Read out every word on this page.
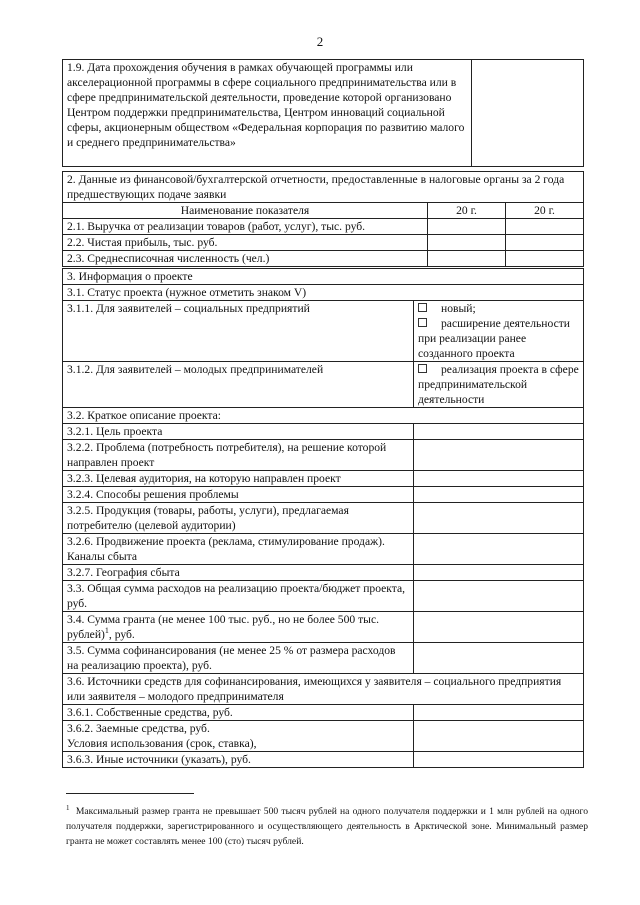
2
1.9. Дата прохождения обучения в рамках обучающей программы или акселерационной программы в сфере социального предпринимательства или в сфере предпринимательской деятельности, проведение которой организовано Центром поддержки предпринимательства, Центром инноваций социальной сферы, акционерным обществом «Федеральная корпорация по развитию малого и среднего предпринимательства»	
2. Данные из финансовой/бухгалтерской отчетности, предоставленные в налоговые органы за 2 года предшествующих подаче заявки		
Наименование показателя	20 г.	20 г.
2.1. Выручка от реализации товаров (работ, услуг), тыс. руб.		
2.2. Чистая прибыль, тыс. руб.		
2.3. Среднесписочная численность (чел.)		
3. Информация о проекте	
3.1. Статус проекта (нужное отметить знаком V)	
3.1.1. Для заявителей – социальных предприятий	новый;
расширение деятельности при реализации ранее созданного проекта

3.1.2. Для заявителей – молодых предпринимателей	реализация проекта в сфере предпринимательской деятельности

3.2. Краткое описание проекта:	
3.2.1. Цель проекта	
3.2.2. Проблема (потребность потребителя), на решение которой направлен проект	
3.2.3. Целевая аудитория, на которую направлен проект	
3.2.4. Способы решения проблемы	
3.2.5. Продукция (товары, работы, услуги), предлагаемая потребителю (целевой аудитории)	
3.2.6. Продвижение проекта (реклама, стимулирование продаж). Каналы сбыта	
3.2.7. География сбыта	
3.3. Общая сумма расходов на реализацию проекта/бюджет проекта, руб.	
3.4. Сумма гранта (не менее 100 тыс. руб., но не более 500 тыс. рублей)$^1$, руб.	
3.5. Сумма софинансирования (не менее 25 % от размера расходов на реализацию проекта), руб.	
3.6. Источники средств для софинансирования, имеющихся у заявителя – социального предприятия или заявителя – молодого предпринимателя	
3.6.1. Собственные средства, руб.	

3.6.2. Заемные средства, руб.
Условия использования (срок, ставка),	

3.6.3. Иные источники (указать), руб.	
$^1$ Максимальный размер гранта не превышает 500 тысяч рублей на одного получателя поддержки и 1 млн рублей на одного получателя поддержки, зарегистрированного и осуществляющего деятельность в Арктической зоне. Минимальный размер гранта не может составлять менее 100 (сто) тысяч рублей.
